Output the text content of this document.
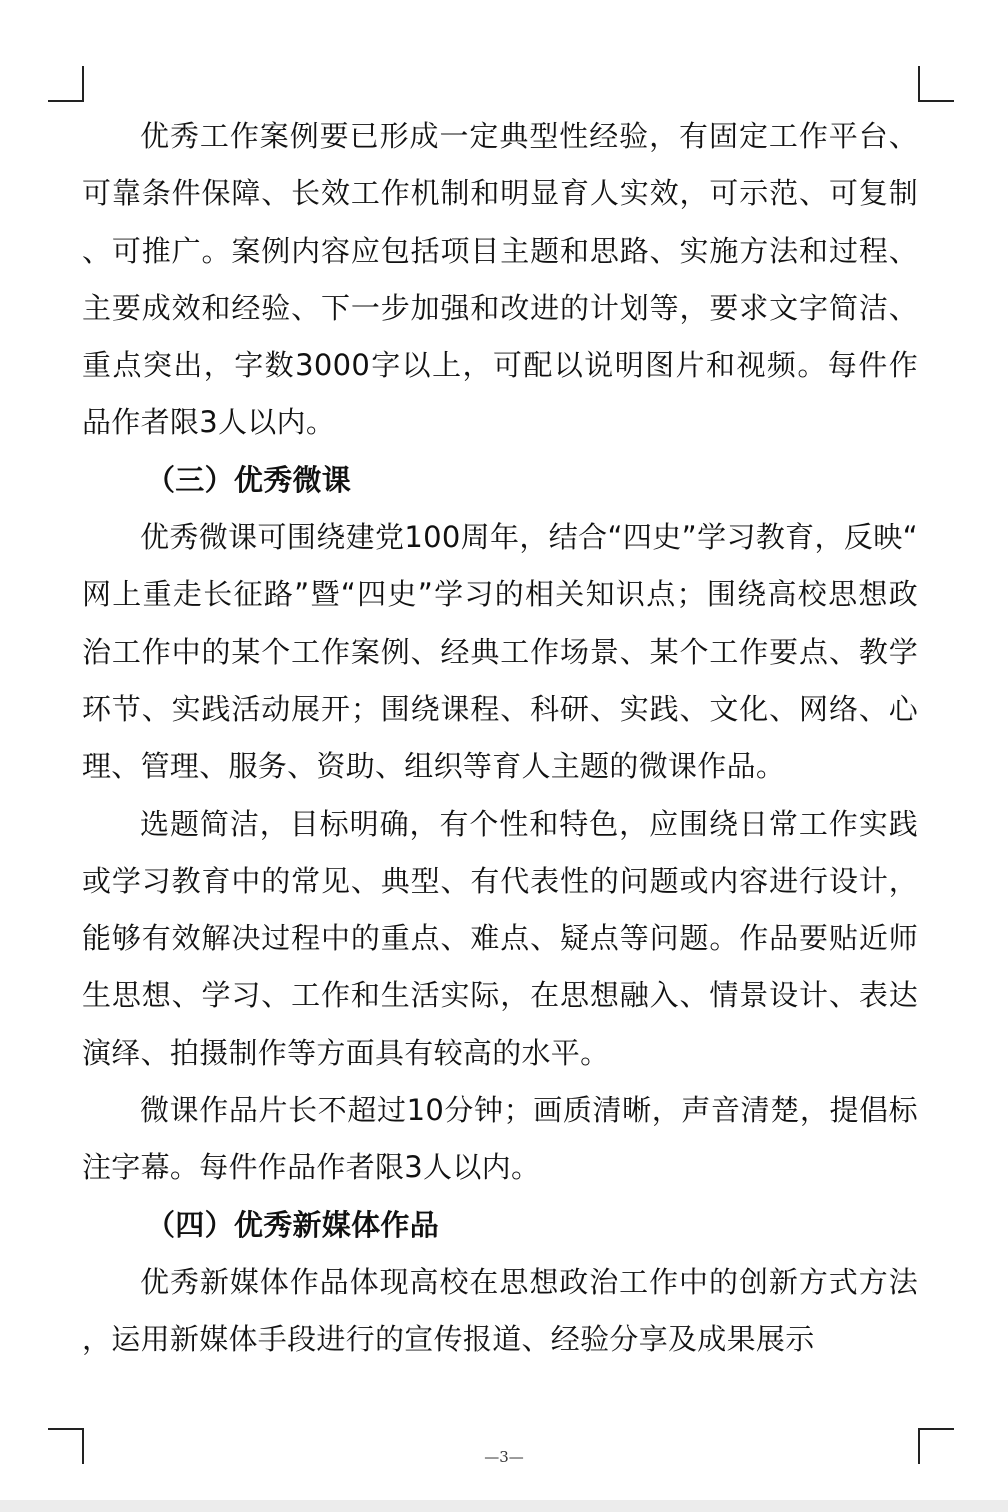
优秀工作案例要已形成一定典型性经验，有固定工作平台、可靠条件保障、长效工作机制和明显育人实效，可示范、可复制、可推广。案例内容应包括项目主题和思路、实施方法和过程、主要成效和经验、下一步加强和改进的计划等，要求文字简洁、重点突出，字数3000字以上，可配以说明图片和视频。每件作品作者限3人以内。

（三）优秀微课

优秀微课可围绕建党100周年，结合“四史”学习教育，反映“网上重走长征路”暨“四史”学习的相关知识点；围绕高校思想政治工作中的某个工作案例、经典工作场景、某个工作要点、教学环节、实践活动展开；围绕课程、科研、实践、文化、网络、心理、管理、服务、资助、组织等育人主题的微课作品。

选题简洁，目标明确，有个性和特色，应围绕日常工作实践或学习教育中的常见、典型、有代表性的问题或内容进行设计，能够有效解决过程中的重点、难点、疑点等问题。作品要贴近师生思想、学习、工作和生活实际，在思想融入、情景设计、表达演绎、拍摄制作等方面具有较高的水平。

微课作品片长不超过10分钟；画质清晰，声音清楚，提倡标注字幕。每件作品作者限3人以内。

（四）优秀新媒体作品

优秀新媒体作品体现高校在思想政治工作中的创新方式方法，运用新媒体手段进行的宣传报道、经验分享及成果展示

—3—
